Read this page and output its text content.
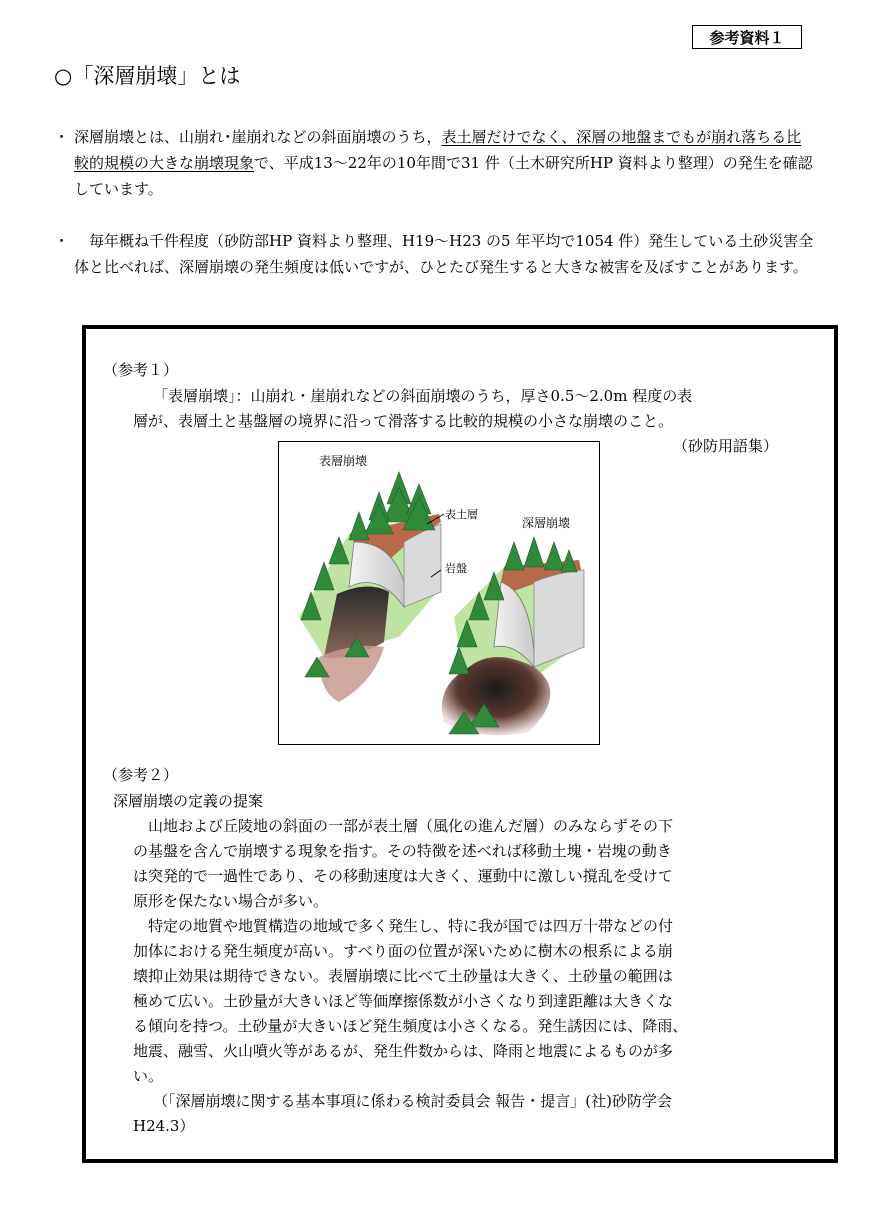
参考資料１
○「深層崩壊」とは
・ 深層崩壊とは、山崩れ･崖崩れなどの斜面崩壊のうち，表土層だけでなく、深層の地盤までもが崩れ落ちる比較的規模の大きな崩壊現象で、平成13～22年の10年間で31 件（土木研究所HP 資料より整理）の発生を確認しています。
・ 　毎年概ね千件程度（砂防部HP 資料より整理、H19～H23 の5 年平均で1054 件）発生している土砂災害全体と比べれば、深層崩壊の発生頻度は低いですが、ひとたび発生すると大きな被害を及ぼすことがあります。
（参考１）
「表層崩壊」：山崩れ・崖崩れなどの斜面崩壊のうち，厚さ0.5～2.0m 程度の表
層が、表層土と基盤層の境界に沿って滑落する比較的規模の小さな崩壊のこと。
（砂防用語集）
表層崩壊
表土層
岩盤
深層崩壊
（参考２）
深層崩壊の定義の提案
　山地および丘陵地の斜面の一部が表土層（風化の進んだ層）のみならずその下
の基盤を含んで崩壊する現象を指す。その特徴を述べれば移動土塊・岩塊の動き
は突発的で一過性であり、その移動速度は大きく、運動中に激しい撹乱を受けて
原形を保たない場合が多い。
　特定の地質や地質構造の地域で多く発生し、特に我が国では四万十帯などの付
加体における発生頻度が高い。すべり面の位置が深いために樹木の根系による崩
壊抑止効果は期待できない。表層崩壊に比べて土砂量は大きく、土砂量の範囲は
極めて広い。土砂量が大きいほど等価摩擦係数が小さくなり到達距離は大きくな
る傾向を持つ。土砂量が大きいほど発生頻度は小さくなる。発生誘因には、降雨、
地震、融雪、火山噴火等があるが、発生件数からは、降雨と地震によるものが多
い。
（「深層崩壊に関する基本事項に係わる検討委員会 報告・提言」(社)砂防学会
H24.3）
